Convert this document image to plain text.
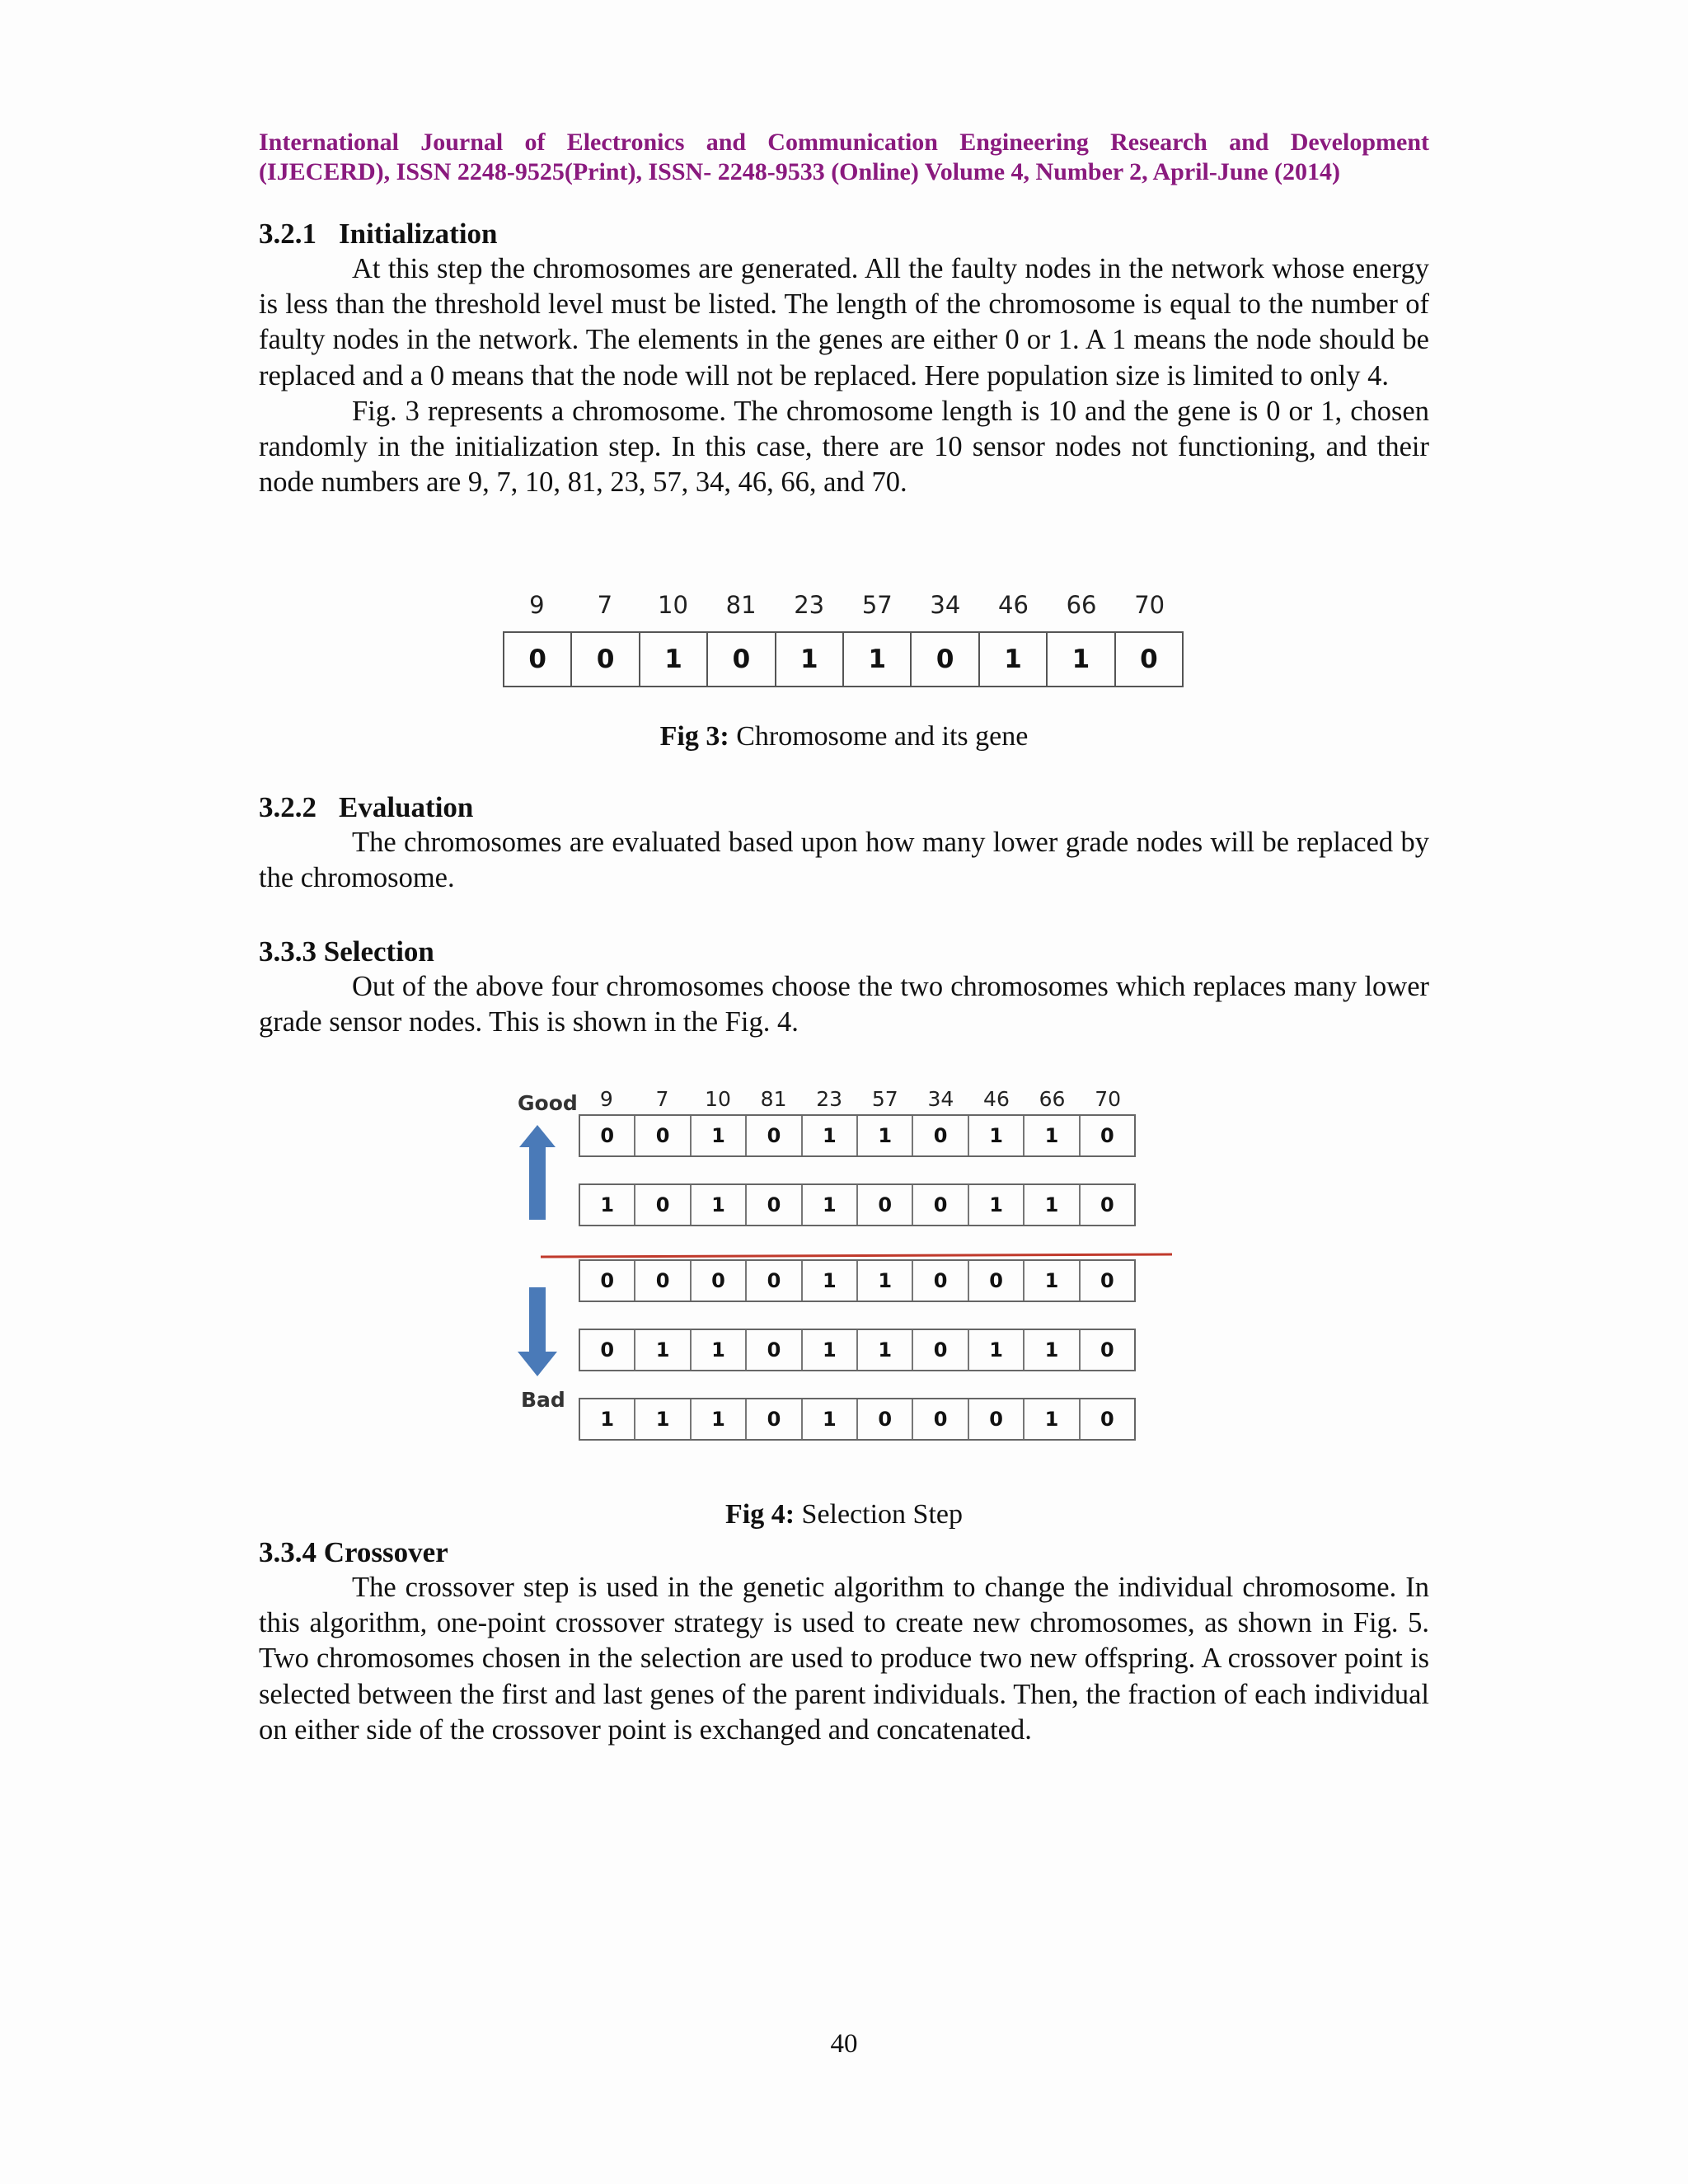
International Journal of Electronics and Communication Engineering Research and Development
(IJECERD), ISSN 2248-9525(Print), ISSN- 2248-9533 (Online) Volume 4, Number 2, April-June (2014)
3.2.1 Initialization

At this step the chromosomes are generated. All the faulty nodes in the network whose energy is less than the threshold level must be listed. The length of the chromosome is equal to the number of faulty nodes in the network. The elements in the genes are either 0 or 1. A 1 means the node should be replaced and a 0 means that the node will not be replaced. Here population size is limited to only 4.

Fig. 3 represents a chromosome. The chromosome length is 10 and the gene is 0 or 1, chosen randomly in the initialization step. In this case, there are 10 sensor nodes not functioning, and their node numbers are 9, 7, 10, 81, 23, 57, 34, 46, 66, and 70.

9	7	10	81	23	57	34	46	66	70
0	0	1	0	1	1	0	1	1	0
Fig 3: Chromosome and its gene
3.2.2 Evaluation

The chromosomes are evaluated based upon how many lower grade nodes will be replaced by the chromosome.

3.3.3 Selection

Out of the above four chromosomes choose the two chromosomes which replaces many lower grade sensor nodes. This is shown in the Fig. 4.

Good
Bad
9	7	10	81	23	57	34	46	66	70
0	0	1	0	1	1	0	1	1	0
1	0	1	0	1	0	0	1	1	0
0	0	0	0	1	1	0	0	1	0
0	1	1	0	1	1	0	1	1	0
1	1	1	0	1	0	0	0	1	0
Fig 4: Selection Step
3.3.4 Crossover

The crossover step is used in the genetic algorithm to change the individual chromosome. In this algorithm, one-point crossover strategy is used to create new chromosomes, as shown in Fig. 5. Two chromosomes chosen in the selection are used to produce two new offspring. A crossover point is selected between the first and last genes of the parent individuals. Then, the fraction of each individual on either side of the crossover point is exchanged and concatenated.

40
